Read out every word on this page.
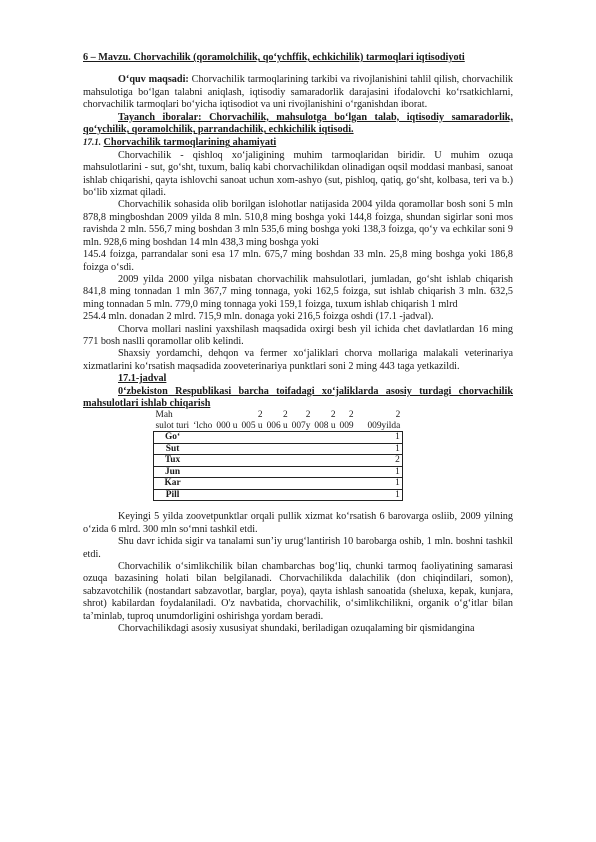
6 – Mavzu. Chorvachilik (qoramolchilik, qo‘ychffik, echkichilik) tarmoqlari iqtisodiyoti

O‘quv maqsadi: Chorvachilik tarmoqlarining tarkibi va rivojlanishini tahlil qilish, chorvachilik mahsulotiga bo‘lgan talabni aniqlash, iqtisodiy samaradorlik darajasini ifodalovchi ko‘rsatkichlarni, chorvachilik tarmoqlari bo‘yicha iqtisodiot va uni rivojlanishini o‘rganishdan iborat.

Tayanch iboralar: Chorvachilik, mahsulotga bo‘lgan talab, iqtisodiy samaradorlik, qo‘ychilik, qoramolchilik, parrandachilik, echkichilik iqtisodi.

17.1. Chorvachilik tarmoqlarining ahamiyati

Chorvachilik - qishloq xo‘jaligining muhim tarmoqlaridan biridir. U muhim ozuqa mahsulotlarini - sut, go‘sht, tuxum, baliq kabi chorvachilikdan olinadigan oqsil moddasi manbasi, sanoat ishlab chiqarishi, qayta ishlovchi sanoat uchun xom-ashyo (sut, pishloq, qatiq, go‘sht, kolbasa, teri va b.) bo‘lib xizmat qiladi.

Chorvachilik sohasida olib borilgan islohotlar natijasida 2004 yilda qoramollar bosh soni 5 mln 878,8 mingboshdan 2009 yilda 8 mln. 510,8 ming boshga yoki 144,8 foizga, shundan sigirlar soni mos ravishda 2 mln. 556,7 ming boshdan 3 mln 535,6 ming boshga yoki 138,3 foizga, qo‘y va echkilar soni 9 mln. 928,6 ming boshdan 14 mln 438,3 ming boshga yoki

145.4 foizga, parrandalar soni esa 17 mln. 675,7 ming boshdan 33 mln. 25,8 ming boshga yoki 186,8 foizga o‘sdi.

2009 yilda 2000 yilga nisbatan chorvachilik mahsulotlari, jumladan, go‘sht ishlab chiqarish 841,8 ming tonnadan 1 mln 367,7 ming tonnaga, yoki 162,5 foizga, sut ishlab chiqarish 3 mln. 632,5 ming tonnadan 5 mln. 779,0 ming tonnaga yoki 159,1 foizga, tuxum ishlab chiqarish 1 mlrd

254.4 mln. donadan 2 mlrd. 715,9 mln. donaga yoki 216,5 foizga oshdi (17.1 -jadval).

Chorva mollari naslini yaxshilash maqsadida oxirgi besh yil ichida chet davlatlardan 16 ming 771 bosh naslli qoramollar olib kelindi.

Shaxsiy yordamchi, dehqon va fermer xo‘jaliklari chorva mollariga malakali veterinariya xizmatlarini ko‘rsatish maqsadida zooveterinariya punktlari soni 2 ming 443 taga yetkazildi.

17.1-jadval

0‘zbekiston Respublikasi barcha toifadagi xo‘jaliklarda asosiy turdagi chorvachilik mahsulotlari ishlab chiqarish

Mah			2	2	2	2	2	2
sulot turi	‘lcho	000 u	005 u	006 u	007y	008 u	009	009yilda
Go‘								1
Sut								1
Tux								2
Jun								1
Kar								1
Pill								1

Keyingi 5 yilda zoovetpunktlar orqali pullik xizmat ko‘rsatish 6 barovarga osliib, 2009 yilning o‘zida 6 mlrd. 300 mln so‘mni tashkil etdi.

Shu davr ichida sigir va tanalami sun’iy urug‘lantirish 10 barobarga oshib, 1 mln. boshni tashkil etdi.

Chorvachilik o‘simlikchilik bilan chambarchas bog‘liq, chunki tarmoq faoliyatining samarasi ozuqa bazasining holati bilan belgilanadi. Chorvachilikda dalachilik (don chiqindilari, somon), sabzavotchilik (nostandart sabzavotlar, barglar, poya), qayta ishlash sanoatida (sheluxa, kepak, kunjara, shrot) kabilardan foydalaniladi. O'z navbatida, chorvachilik, o‘simlikchilikni, organik o‘g‘itlar bilan ta’minlab, tuproq unumdorligini oshirishga yordam beradi.

Chorvachilikdagi asosiy xususiyat shundaki, beriladigan ozuqalaming bir qismidangina
